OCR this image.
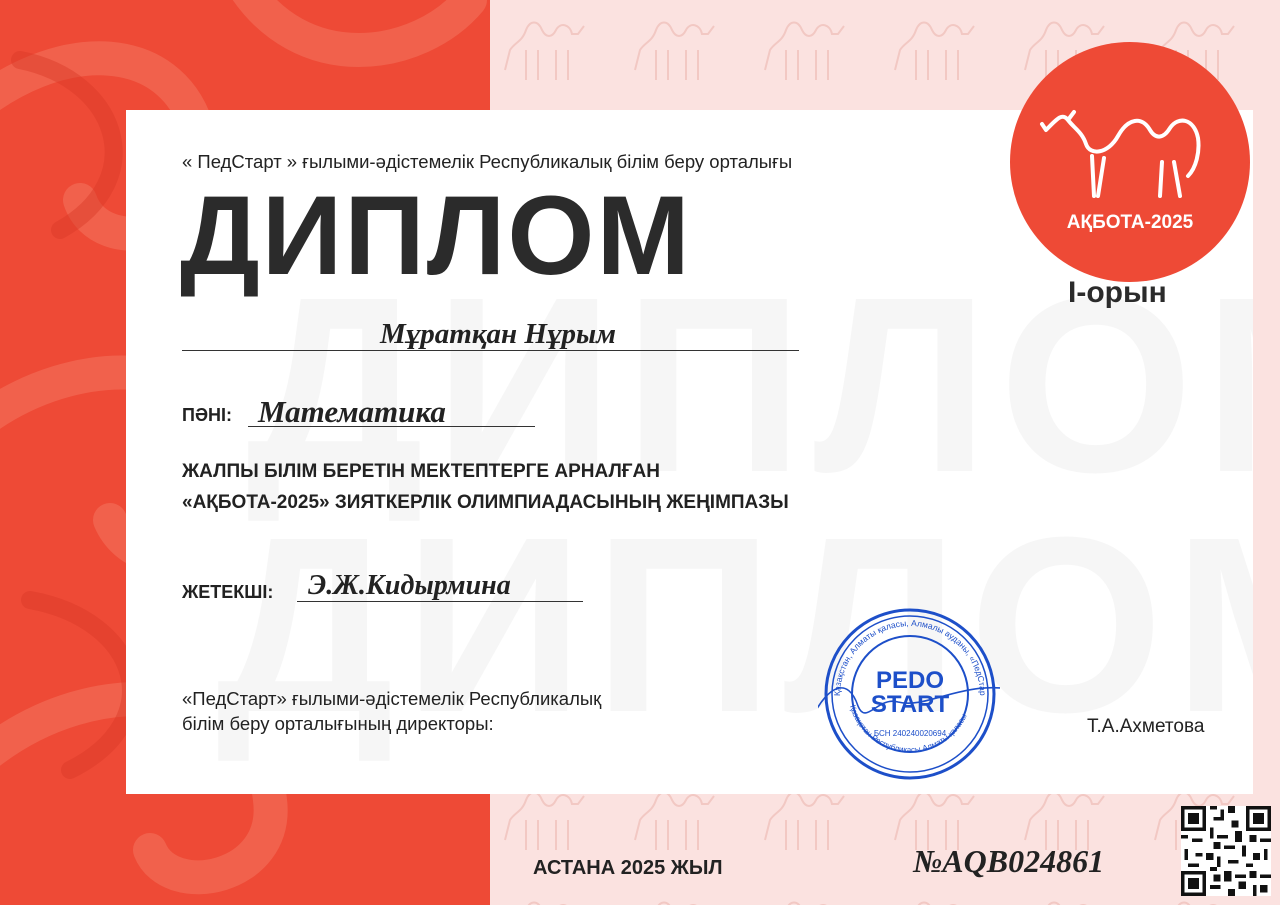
« ПедСтарт » ғылыми-әдістемелік Республикалық білім беру орталығы
ДИПЛОМ	АҚБОТА-2025
I-орын
Мұратқан Нұрым
ПӘНІ: Математика
ЖАЛПЫ БІЛІМ БЕРЕТІН МЕКТЕПТЕРГЕ АРНАЛҒАН
«АҚБОТА-2025» ЗИЯТКЕРЛІК ОЛИМПИАДАСЫНЫҢ ЖЕҢІМПАЗЫ
ЖЕТЕКШІ: Э.Ж.Кидырмина
«ПедСтарт» ғылыми-әдістемелік Республикалық
білім беру орталығының директоры:
Қазақстан, Алматы қаласы, Алмалы ауданы, «ПедСтар
Қазақстан Республикасы Алматы қаласы
PEDO
START
БСН 240240020694	Т.А.Ахметова
АСТАНА 2025 ЖЫЛ	№AQB024861
